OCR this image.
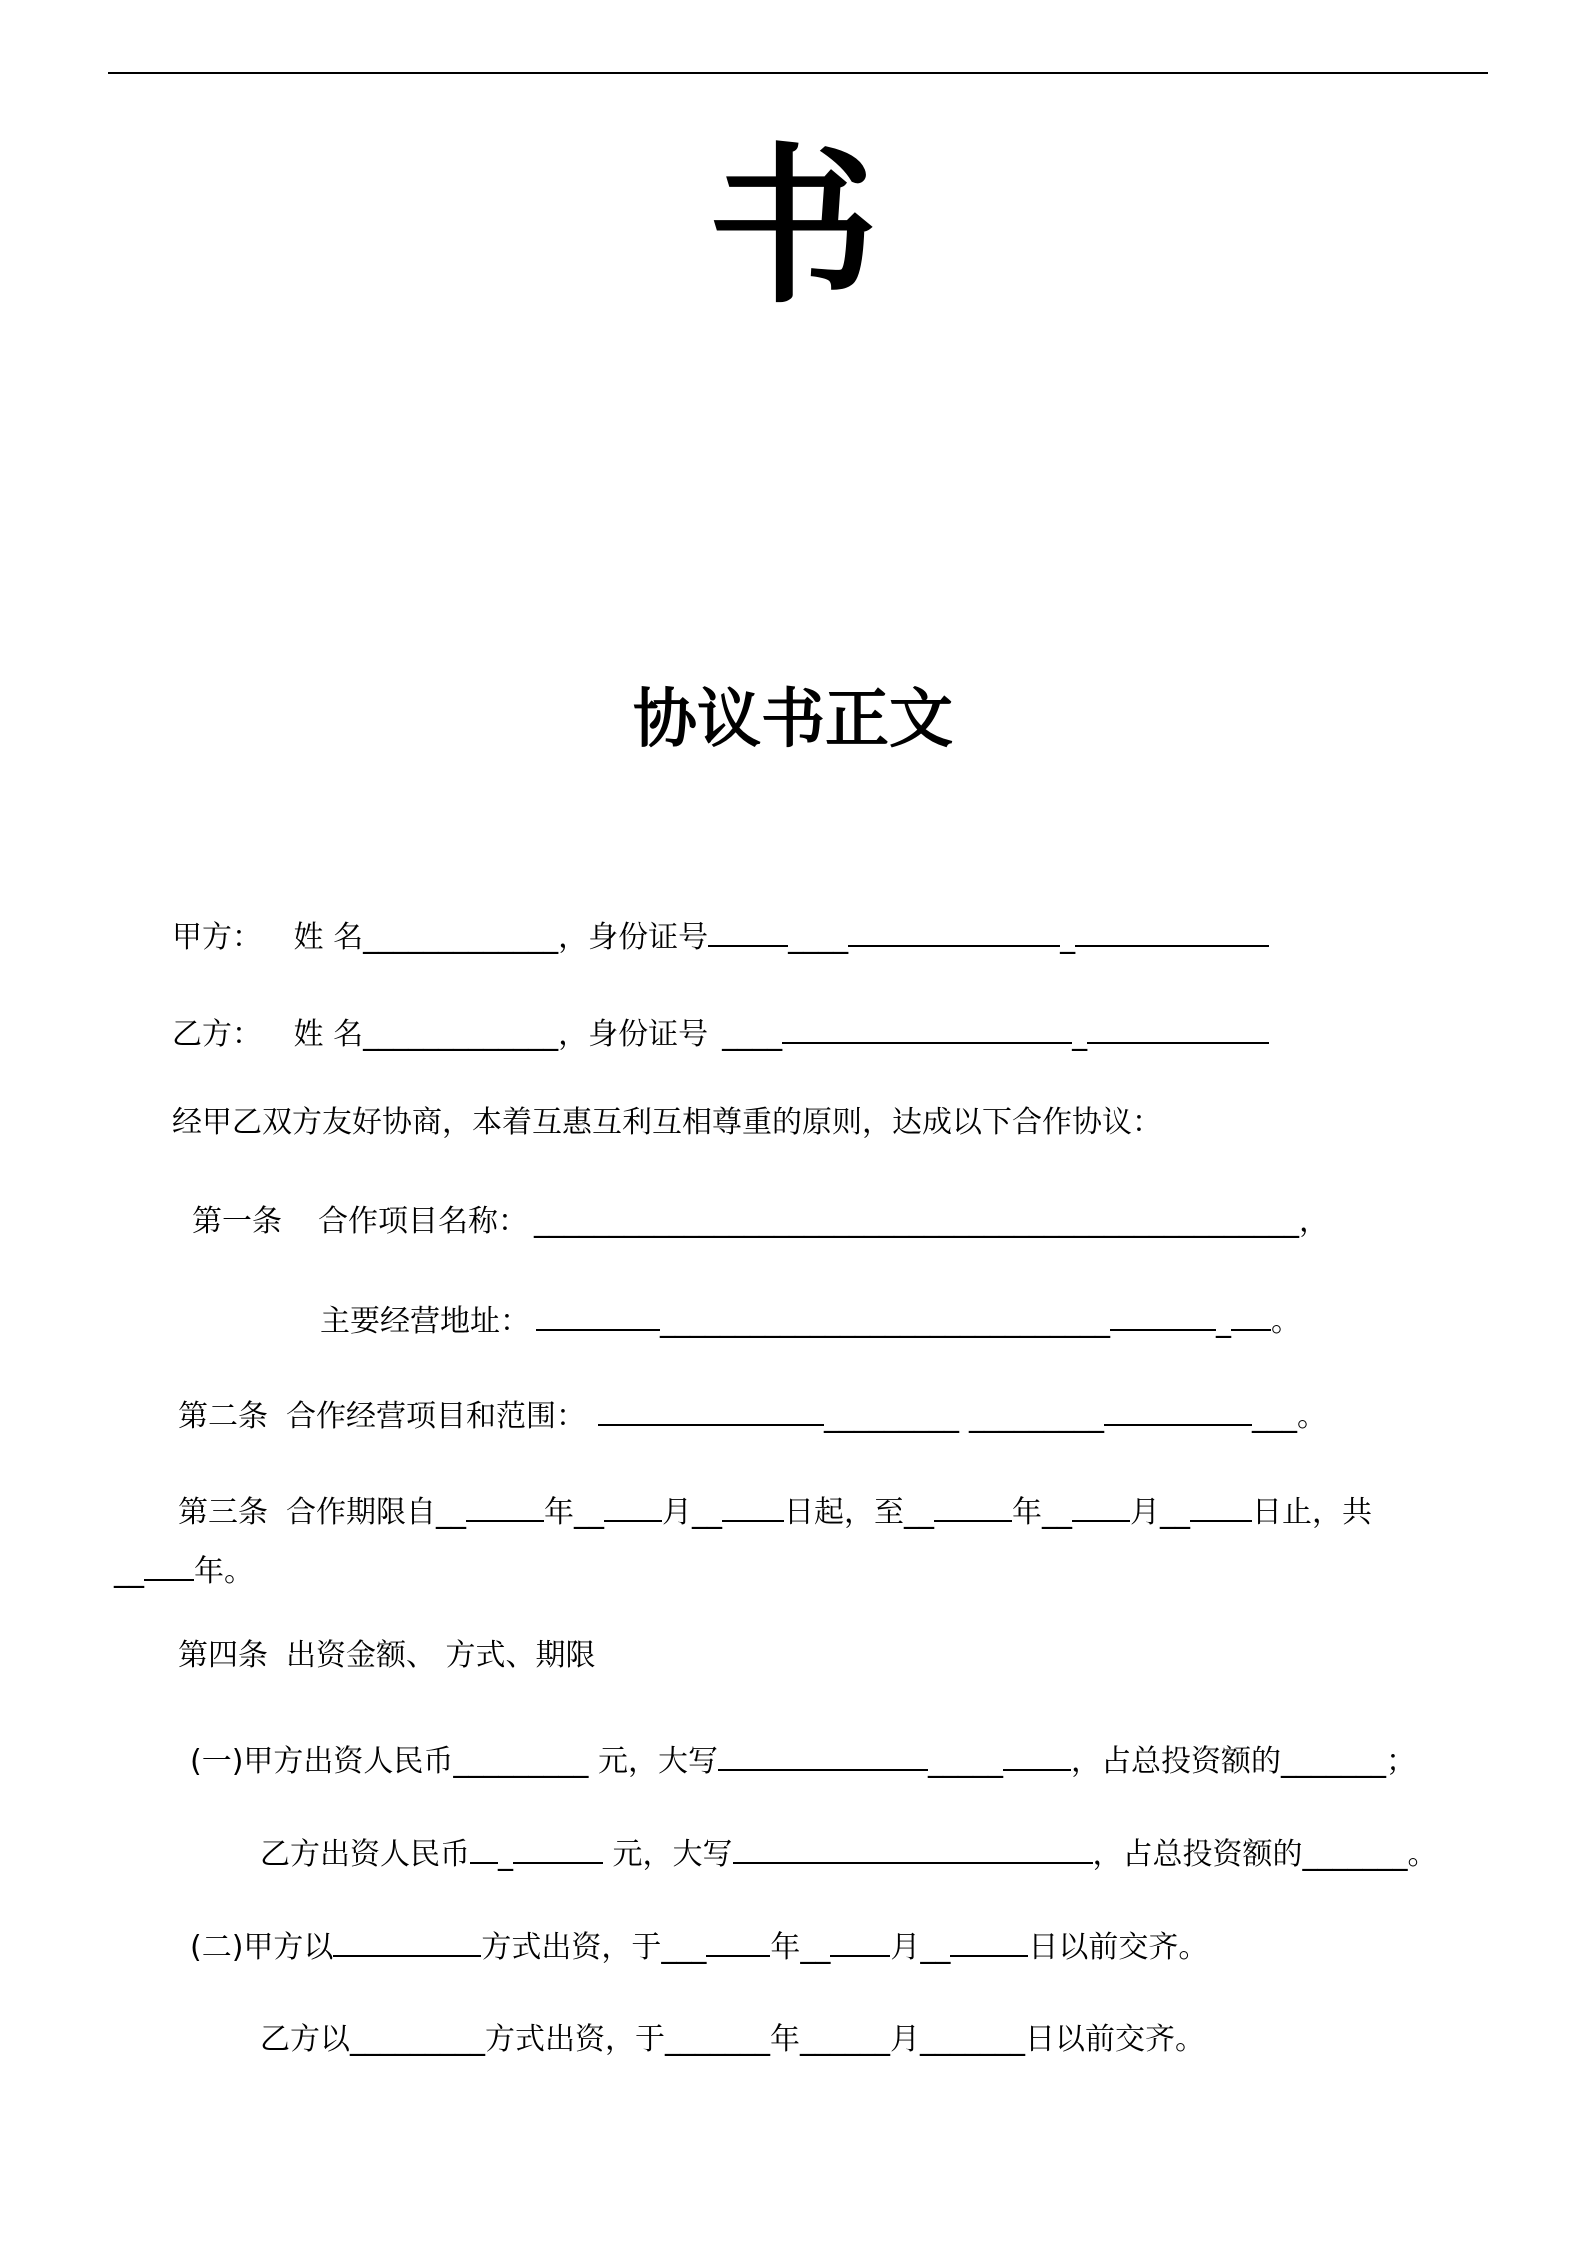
书
协议书正文
甲方： 姓 名_____________，身份证号	____	_
乙方： 姓 名_____________，身份证号 ____	_
经甲乙双方友好协商，本着互惠互利互相尊重的原则，达成以下合作协议：
第一条 合作项目名称： ___________________________________________________，
主要经营地址：	______________________________	_ 。
第二条 合作经营项目和范围：	_________ _________	___。
第三条 合作期限自__	年__ 月__ 日起，至__	年__ 月__ 日止，共
__ 年。
第四条 出资金额、 方式、期限
(一)甲方出资人民币_________ 元，大写	_____ ，占总投资额的_______；
乙方出资人民币 _	元，大写	，占总投资额的_______。
(二)甲方以	方式出资，于___ 年__ 月__	日以前交齐。
乙方以_________方式出资，于_______年______月_______日以前交齐。
